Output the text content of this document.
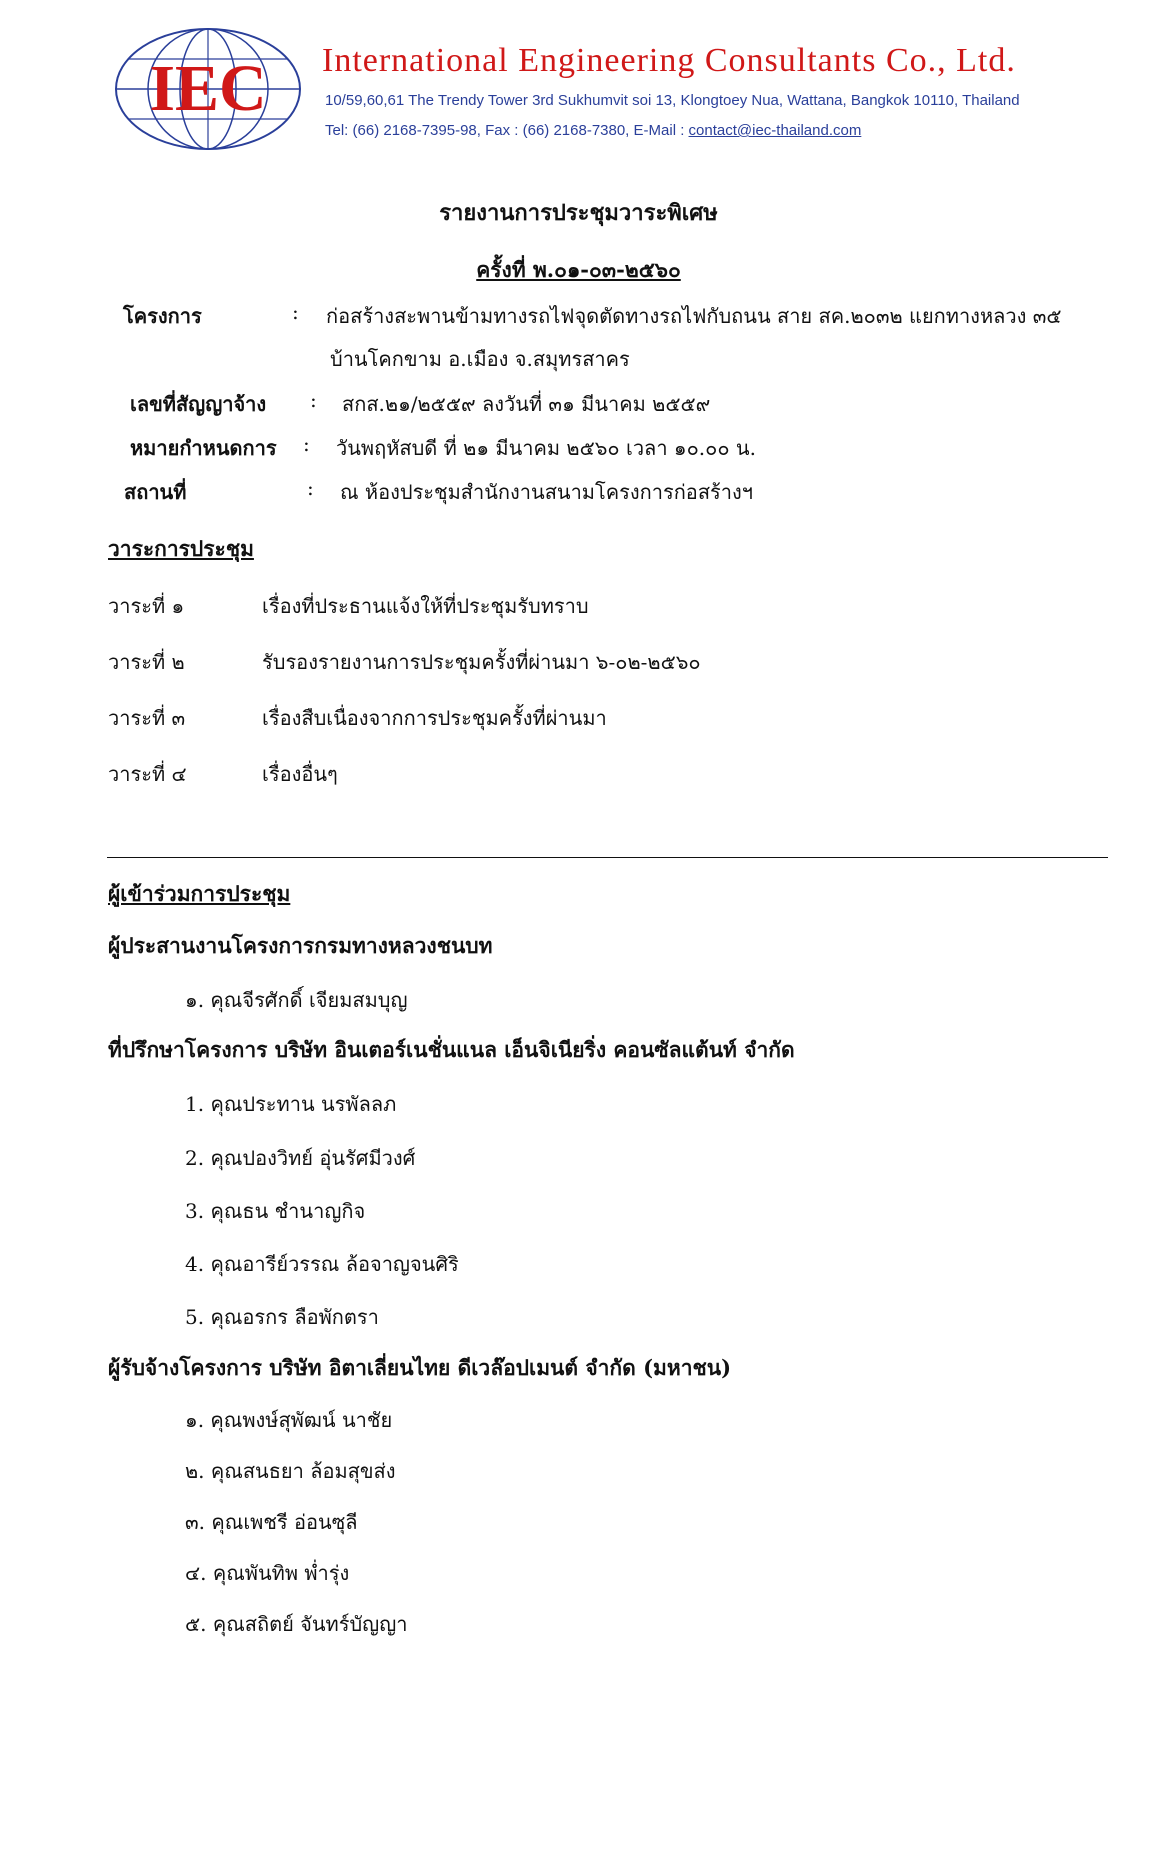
IEC International Engineering Consultants Co., Ltd.
10/59,60,61 The Trendy Tower 3rd Sukhumvit soi 13, Klongtoey Nua, Wattana, Bangkok 10110, Thailand
Tel: (66) 2168-7395-98, Fax : (66) 2168-7380, E-Mail : contact@iec-thailand.com
รายงานการประชุมวาระพิเศษ
ครั้งที่ พ.๐๑-๐๓-๒๕๖๐
โครงการ	: ก่อสร้างสะพานข้ามทางรถไฟจุดตัดทางรถไฟกับถนน สาย สค.๒๐๓๒ แยกทางหลวง ๓๕
บ้านโคกขาม อ.เมือง จ.สมุทรสาคร
เลขที่สัญญาจ้าง : สกส.๒๑/๒๕๕๙ ลงวันที่ ๓๑ มีนาคม ๒๕๕๙
หมายกำหนดการ : วันพฤหัสบดี ที่ ๒๑ มีนาคม ๒๕๖๐ เวลา ๑๐.๐๐ น.
สถานที่	: ณ ห้องประชุมสำนักงานสนามโครงการก่อสร้างฯ
วาระการประชุม
วาระที่ ๑	เรื่องที่ประธานแจ้งให้ที่ประชุมรับทราบ
วาระที่ ๒	รับรองรายงานการประชุมครั้งที่ผ่านมา ๖-๐๒-๒๕๖๐
วาระที่ ๓	เรื่องสืบเนื่องจากการประชุมครั้งที่ผ่านมา
วาระที่ ๔	เรื่องอื่นๆ
ผู้เข้าร่วมการประชุม
ผู้ประสานงานโครงการกรมทางหลวงชนบท
๑. คุณจีรศักดิ์ เจียมสมบุญ
ที่ปรึกษาโครงการ บริษัท อินเตอร์เนชั่นแนล เอ็นจิเนียริ่ง คอนซัลแต้นท์ จำกัด
1. คุณประทาน นรพัลลภ
2. คุณปองวิทย์ อุ่นรัศมีวงศ์
3. คุณธน ชำนาญกิจ
4. คุณอารีย์วรรณ ล้อจาญจนศิริ
5. คุณอรกร ลือพักตรา
ผู้รับจ้างโครงการ บริษัท อิตาเลี่ยนไทย ดีเวล๊อปเมนต์ จำกัด (มหาชน)
๑. คุณพงษ์สุพัฒน์ นาชัย
๒. คุณสนธยา ล้อมสุขส่ง
๓. คุณเพชรี อ่อนซุลี
๔. คุณพันทิพ พ่ำรุ่ง
๕. คุณสถิตย์ จันทร์บัญญา
